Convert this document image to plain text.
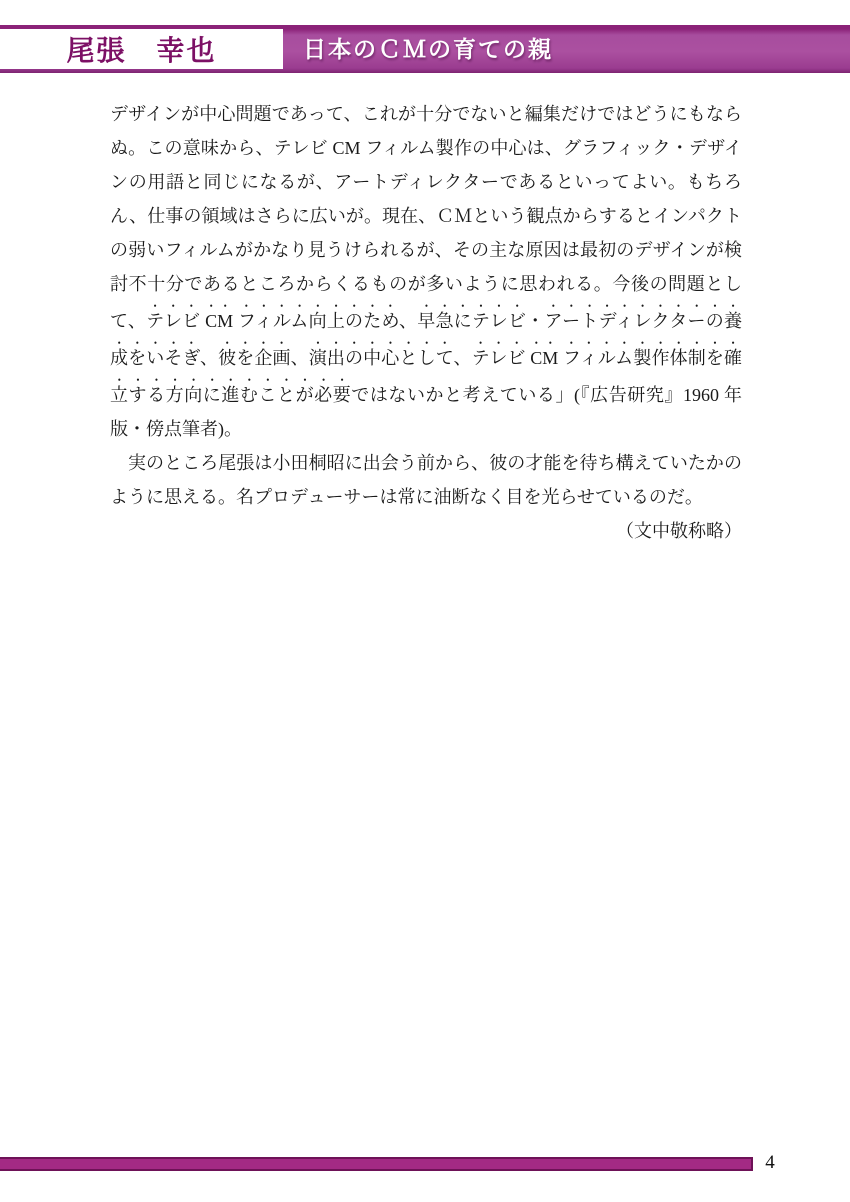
尾張　幸也	日本のＣＭの育ての親

デザインが中心問題であって、これが十分でないと編集だけではどうにもならぬ。この意味から、テレビ CM フィルム製作の中心は、グラフィック・デザインの用語と同じになるが、アートディレクターであるといってよい。もちろん、仕事の領域はさらに広いが。現在、ＣＭという観点からするとインパクトの弱いフィルムがかなり見うけられるが、その主な原因は最初のデザインが検討不十分であるところからくるものが多いように思われる。今後の問題として、テレビ CM フィルム向上のため、早急にテレビ・アートディレクターの養成をいそぎ、彼を企画、演出の中心として、テレビ CM フィルム製作体制を確立する方向に進むことが必要ではないかと考えている」(『広告研究』1960 年版・傍点筆者)。

実のところ尾張は小田桐昭に出会う前から、彼の才能を待ち構えていたかのように思える。名プロデューサーは常に油断なく目を光らせているのだ。

（文中敬称略）

4
